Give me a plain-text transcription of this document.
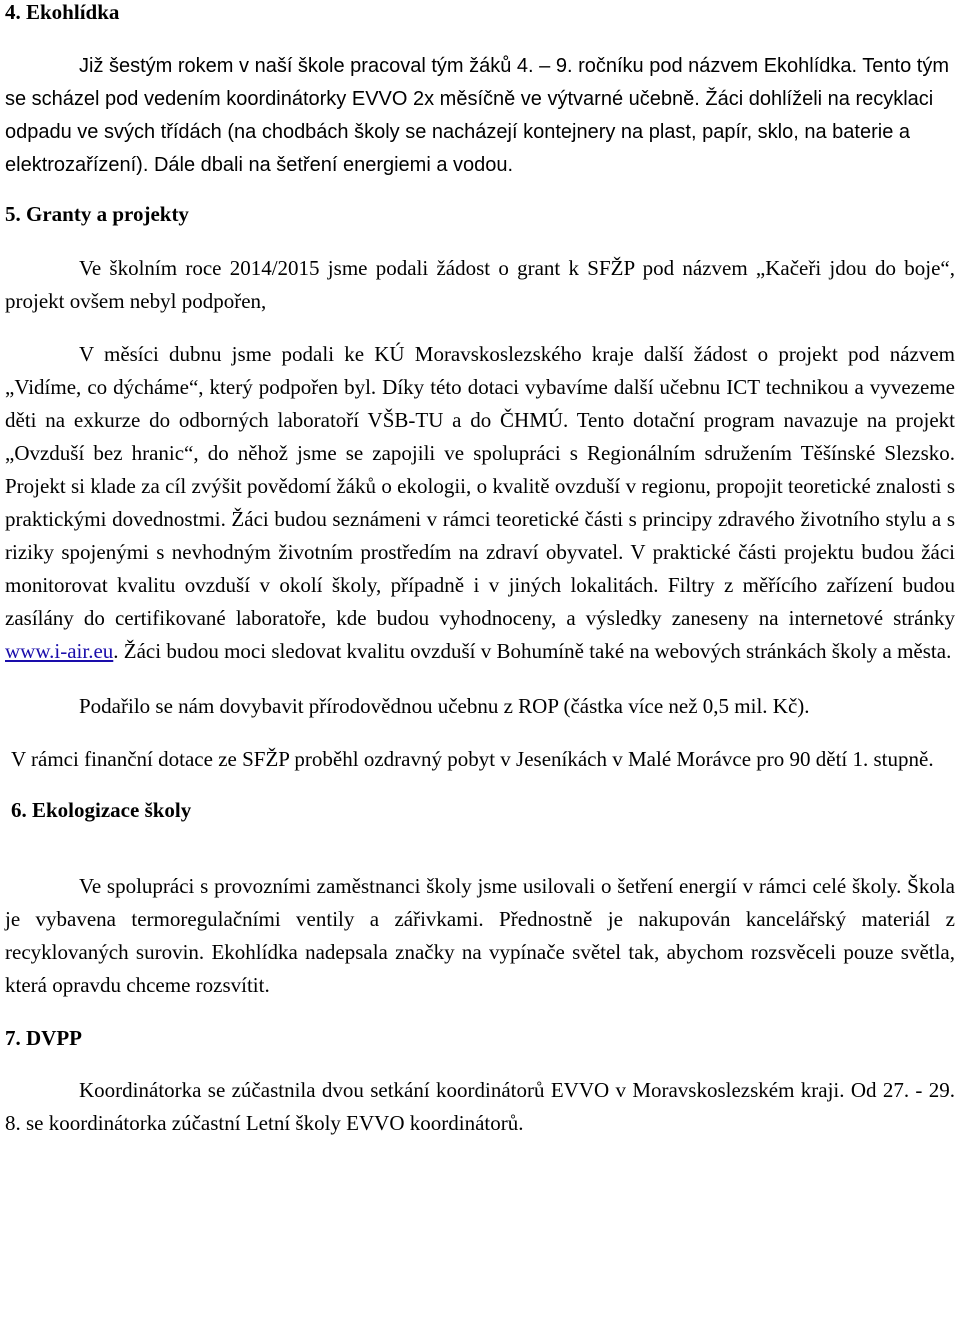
4. Ekohlídka

Již šestým rokem v naší škole pracoval tým žáků 4. – 9. ročníku pod názvem Ekohlídka. Tento tým se scházel pod vedením koordinátorky EVVO 2x měsíčně ve výtvarné učebně. Žáci dohlíželi na recyklaci odpadu ve svých třídách (na chodbách školy se nacházejí kontejnery na plast, papír, sklo, na baterie a elektrozařízení). Dále dbali na šetření energiemi a vodou.

5. Granty a projekty

Ve školním roce 2014/2015 jsme podali žádost o grant k SFŽP pod názvem „Kačeři jdou do boje“, projekt ovšem nebyl podpořen,

V měsíci dubnu jsme podali ke KÚ Moravskoslezského kraje další žádost o projekt pod názvem „Vidíme, co dýcháme“, který podpořen byl. Díky této dotaci vybavíme další učebnu ICT technikou a vyvezeme děti na exkurze do odborných laboratoří VŠB-TU a do ČHMÚ. Tento dotační program navazuje na projekt „Ovzduší bez hranic“, do něhož jsme se zapojili ve spolupráci s Regionálním sdružením Těšínské Slezsko. Projekt si klade za cíl zvýšit povědomí žáků o ekologii, o kvalitě ovzduší v regionu, propojit teoretické znalosti s praktickými dovednostmi. Žáci budou seznámeni v rámci teoretické části s principy zdravého životního stylu a s riziky spojenými s nevhodným životním prostředím na zdraví obyvatel. V praktické části projektu budou žáci monitorovat kvalitu ovzduší v okolí školy, případně i v jiných lokalitách. Filtry z měřícího zařízení budou zasílány do certifikované laboratoře, kde budou vyhodnoceny, a výsledky zaneseny na internetové stránky www.i-air.eu. Žáci budou moci sledovat kvalitu ovzduší v Bohumíně také na webových stránkách školy a města.

Podařilo se nám dovybavit přírodovědnou učebnu z ROP (částka více než 0,5 mil. Kč).

V rámci finanční dotace ze SFŽP proběhl ozdravný pobyt v Jeseníkách v Malé Morávce pro 90 dětí 1. stupně.

6. Ekologizace školy

Ve spolupráci s provozními zaměstnanci školy jsme usilovali o šetření energií v rámci celé školy. Škola je vybavena termoregulačními ventily a zářivkami. Přednostně je nakupován kancelářský materiál z recyklovaných surovin. Ekohlídka nadepsala značky na vypínače světel tak, abychom rozsvěceli pouze světla, která opravdu chceme rozsvítit.

7. DVPP

Koordinátorka se zúčastnila dvou setkání koordinátorů EVVO v Moravskoslezském kraji. Od 27. - 29. 8. se koordinátorka zúčastní Letní školy EVVO koordinátorů.
